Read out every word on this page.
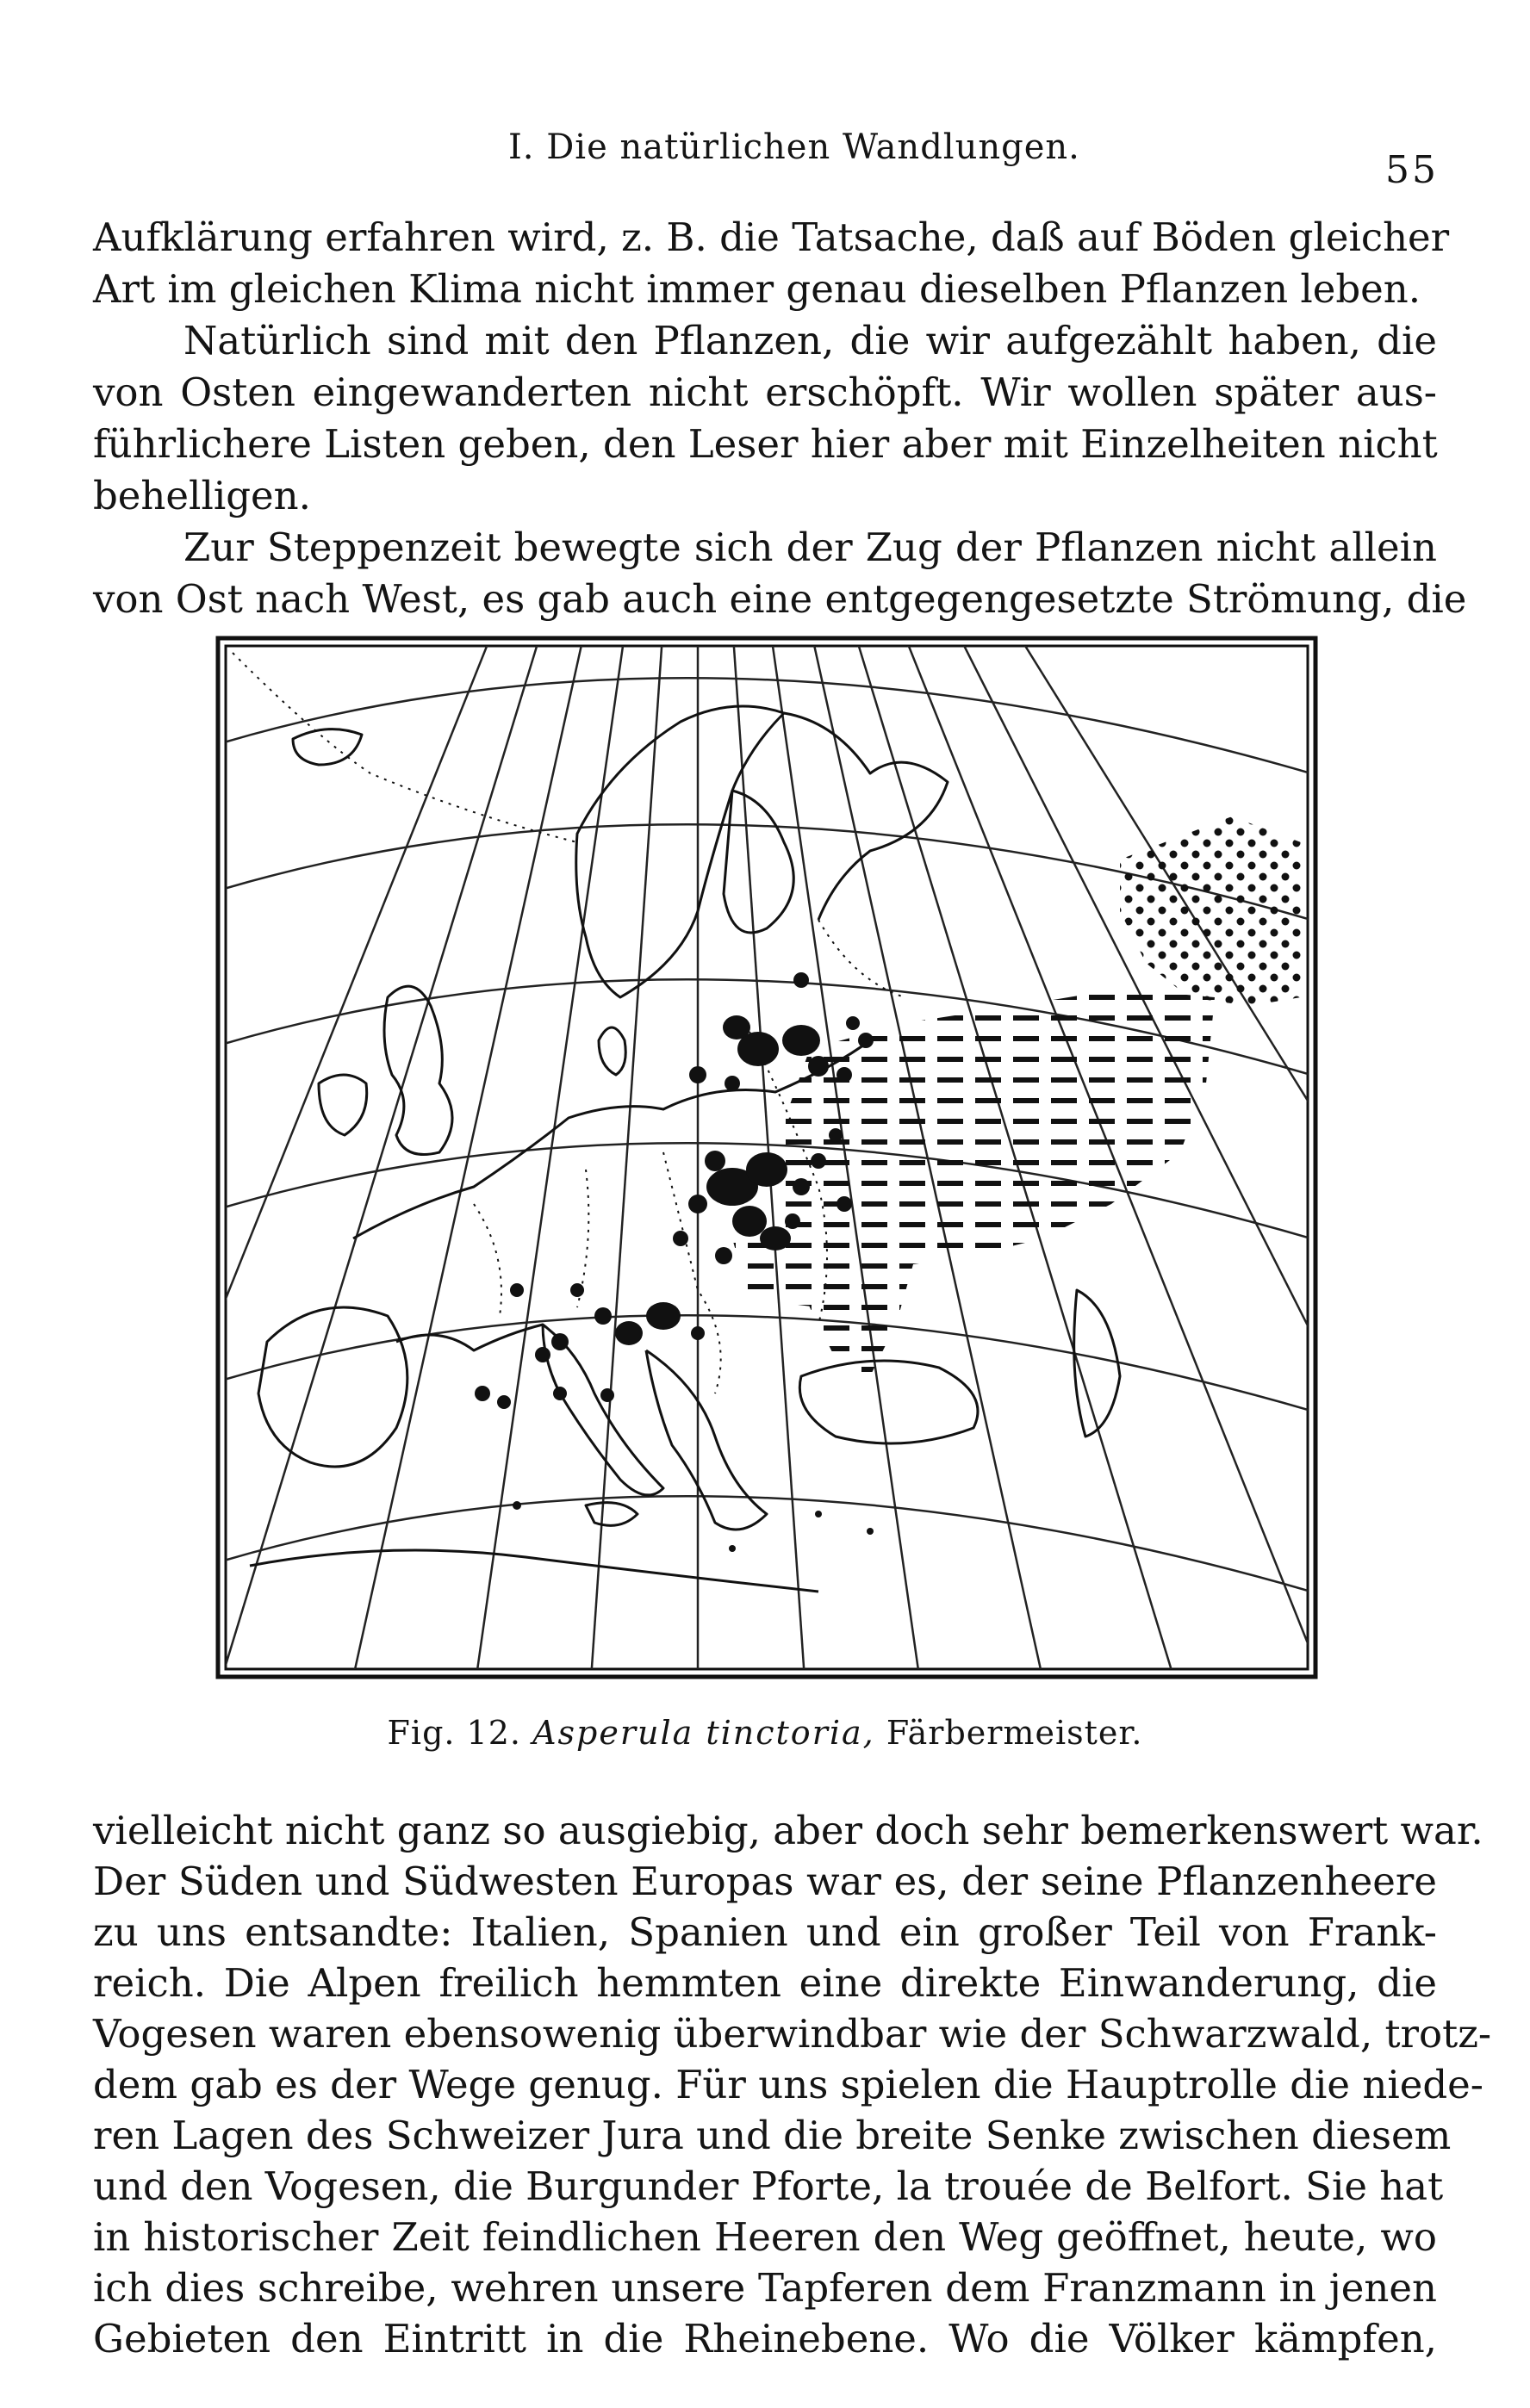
I. Die natürlichen Wandlungen.
55

Aufklärung erfahren wird, z. B. die Tatsache, daß auf Böden gleicher
Art im gleichen Klima nicht immer genau dieselben Pflanzen leben.

Natürlich sind mit den Pflanzen, die wir aufgezählt haben, die
von Osten eingewanderten nicht erschöpft. Wir wollen später aus-
führlichere Listen geben, den Leser hier aber mit Einzelheiten nicht
behelligen.

Zur Steppenzeit bewegte sich der Zug der Pflanzen nicht allein
von Ost nach West, es gab auch eine entgegengesetzte Strömung, die

Fig. 12. Asperula tinctoria, Färbermeister.

vielleicht nicht ganz so ausgiebig, aber doch sehr bemerkenswert war.
Der Süden und Südwesten Europas war es, der seine Pflanzenheere
zu uns entsandte: Italien, Spanien und ein großer Teil von Frank-
reich. Die Alpen freilich hemmten eine direkte Einwanderung, die
Vogesen waren ebensowenig überwindbar wie der Schwarzwald, trotz-
dem gab es der Wege genug. Für uns spielen die Hauptrolle die niede-
ren Lagen des Schweizer Jura und die breite Senke zwischen diesem
und den Vogesen, die Burgunder Pforte, la trouée de Belfort. Sie hat
in historischer Zeit feindlichen Heeren den Weg geöffnet, heute, wo
ich dies schreibe, wehren unsere Tapferen dem Franzmann in jenen
Gebieten den Eintritt in die Rheinebene. Wo die Völker kämpfen,
